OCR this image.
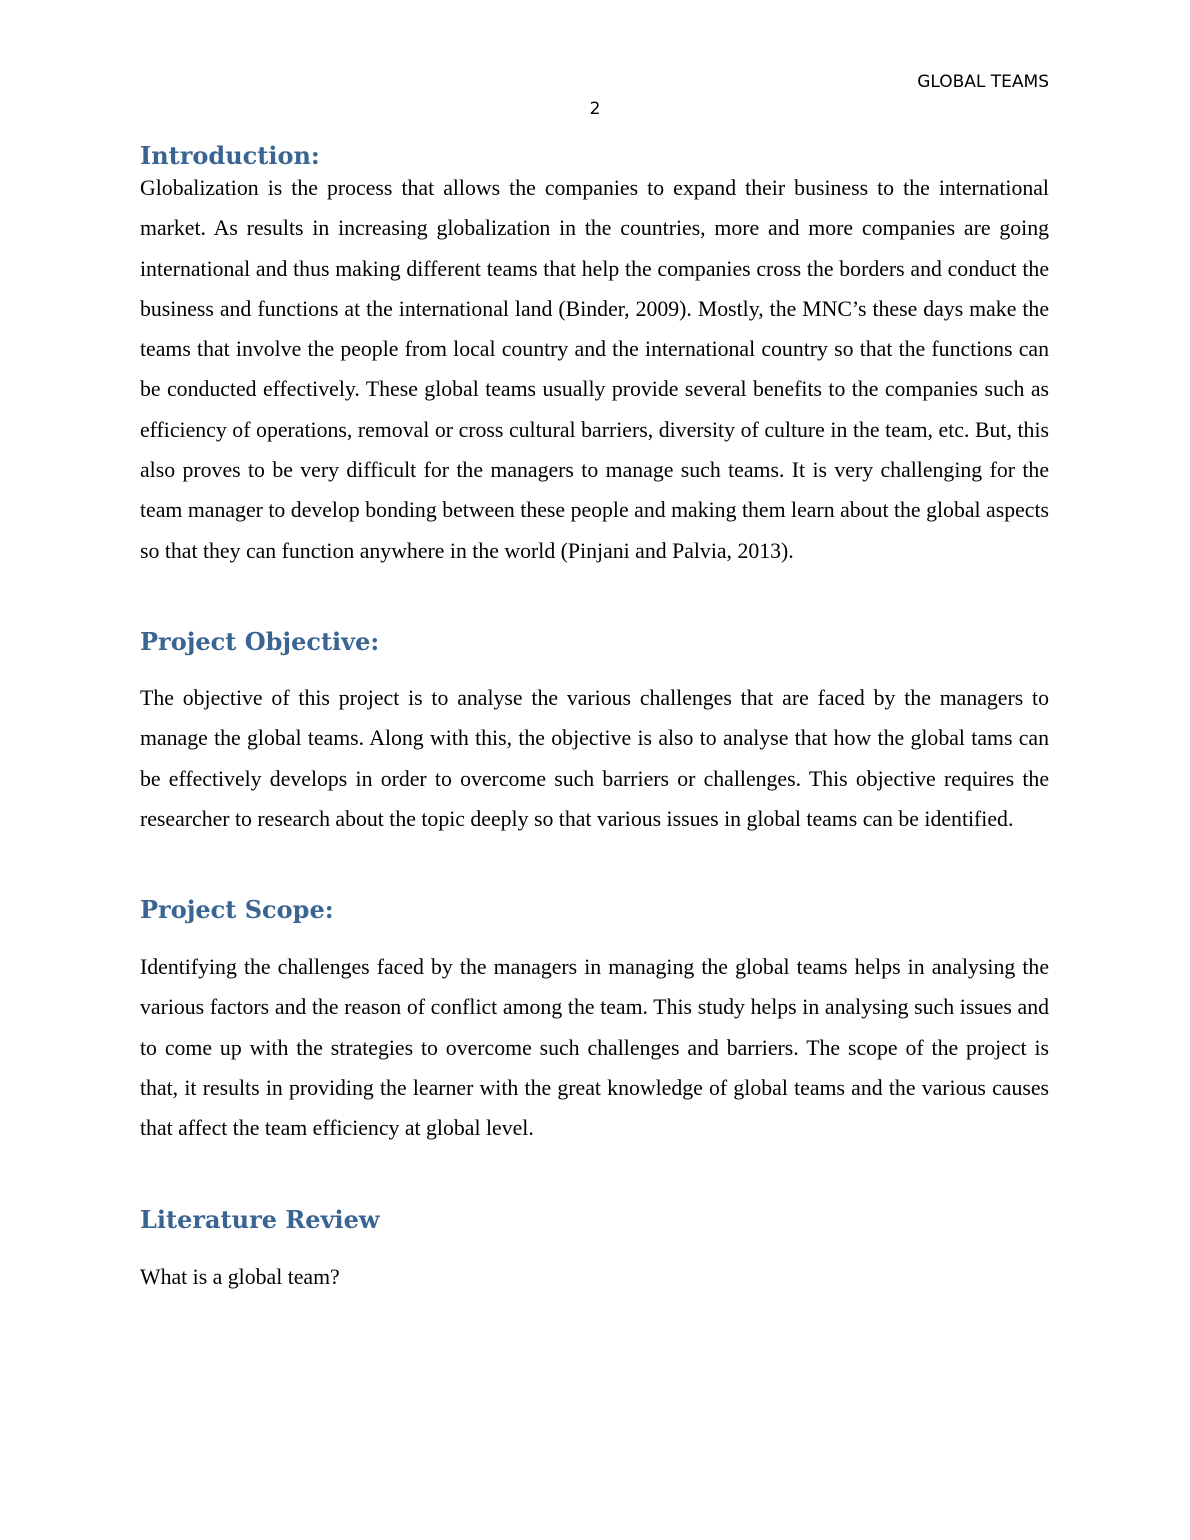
GLOBAL TEAMS
2
Introduction:

Globalization is the process that allows the companies to expand their business to the international market. As results in increasing globalization in the countries, more and more companies are going international and thus making different teams that help the companies cross the borders and conduct the business and functions at the international land (Binder, 2009). Mostly, the MNC’s these days make the teams that involve the people from local country and the international country so that the functions can be conducted effectively. These global teams usually provide several benefits to the companies such as efficiency of operations, removal or cross cultural barriers, diversity of culture in the team, etc. But, this also proves to be very difficult for the managers to manage such teams. It is very challenging for the team manager to develop bonding between these people and making them learn about the global aspects so that they can function anywhere in the world (Pinjani and Palvia, 2013).

Project Objective:

The objective of this project is to analyse the various challenges that are faced by the managers to manage the global teams. Along with this, the objective is also to analyse that how the global tams can be effectively develops in order to overcome such barriers or challenges. This objective requires the researcher to research about the topic deeply so that various issues in global teams can be identified.

Project Scope:

Identifying the challenges faced by the managers in managing the global teams helps in analysing the various factors and the reason of conflict among the team. This study helps in analysing such issues and to come up with the strategies to overcome such challenges and barriers. The scope of the project is that, it results in providing the learner with the great knowledge of global teams and the various causes that affect the team efficiency at global level.

Literature Review

What is a global team?
